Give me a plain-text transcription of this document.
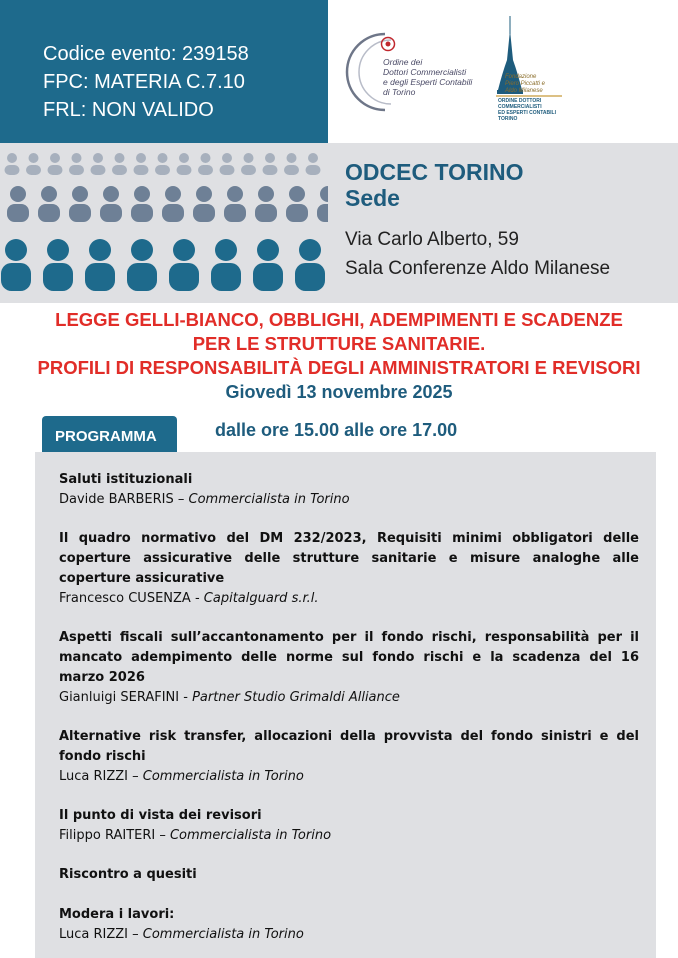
Codice evento: 239158
FPC: MATERIA C.7.10
FRL: NON VALIDO
Ordine dei
Dottori Commercialisti
e degli Esperti Contabili
di Torino
Fondazione
Piero Piccatti e
Aldo Milanese
ORDINE DOTTORI
COMMERCIALISTI
ED ESPERTI CONTABILI
TORINO
ODCEC TORINO
Sede
Via Carlo Alberto, 59
Sala Conferenze Aldo Milanese
LEGGE GELLI-BIANCO, OBBLIGHI, ADEMPIMENTI E SCADENZE
PER LE STRUTTURE SANITARIE.
PROFILI DI RESPONSABILITÀ DEGLI AMMINISTRATORI E REVISORI
Giovedì 13 novembre 2025
dalle ore 15.00 alle ore 17.00
PROGRAMMA
Saluti istituzionali
Davide BARBERIS – Commercialista in Torino
Il quadro normativo del DM 232/2023, Requisiti minimi obbligatori delle coperture assicurative delle strutture sanitarie e misure analoghe alle coperture assicurative
Francesco CUSENZA - Capitalguard s.r.l.
Aspetti fiscali sull’accantonamento per il fondo rischi, responsabilità per il mancato adempimento delle norme sul fondo rischi e la scadenza del 16 marzo 2026
Gianluigi SERAFINI - Partner Studio Grimaldi Alliance
Alternative risk transfer, allocazioni della provvista del fondo sinistri e del fondo rischi
Luca RIZZI – Commercialista in Torino
Il punto di vista dei revisori
Filippo RAITERI – Commercialista in Torino
Riscontro a quesiti
Modera i lavori:
Luca RIZZI – Commercialista in Torino
